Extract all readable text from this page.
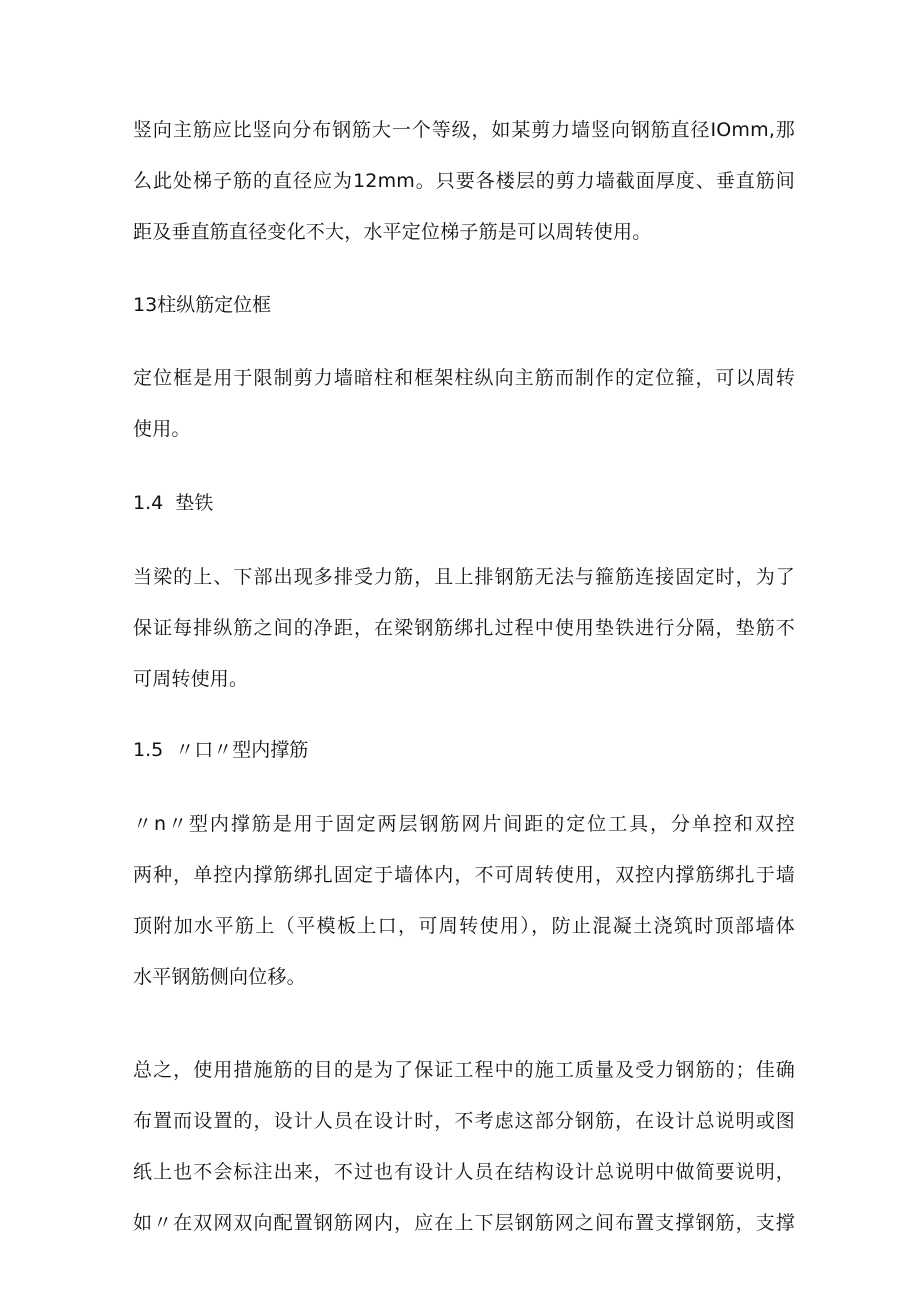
竖向主筋应比竖向分布钢筋大一个等级，如某剪力墙竖向钢筋直径IOmm,那
么此处梯子筋的直径应为12mm。只要各楼层的剪力墙截面厚度、垂直筋间
距及垂直筋直径变化不大，水平定位梯子筋是可以周转使用。
13柱纵筋定位框
定位框是用于限制剪力墙暗柱和框架柱纵向主筋而制作的定位箍，可以周转
使用。
1.4  垫铁
当梁的上、下部出现多排受力筋，且上排钢筋无法与箍筋连接固定时，为了
保证每排纵筋之间的净距，在梁钢筋绑扎过程中使用垫铁进行分隔，垫筋不
可周转使用。
1.5  〃口〃型内撑筋
〃n〃型内撑筋是用于固定两层钢筋网片间距的定位工具，分单控和双控
两种，单控内撑筋绑扎固定于墙体内，不可周转使用，双控内撑筋绑扎于墙
顶附加水平筋上（平模板上口，可周转使用），防止混凝土浇筑时顶部墙体
水平钢筋侧向位移。
总之，使用措施筋的目的是为了保证工程中的施工质量及受力钢筋的；佳确
布置而设置的，设计人员在设计时，不考虑这部分钢筋，在设计总说明或图
纸上也不会标注出来，不过也有设计人员在结构设计总说明中做简要说明，
如〃在双网双向配置钢筋网内，应在上下层钢筋网之间布置支撑钢筋，支撑
